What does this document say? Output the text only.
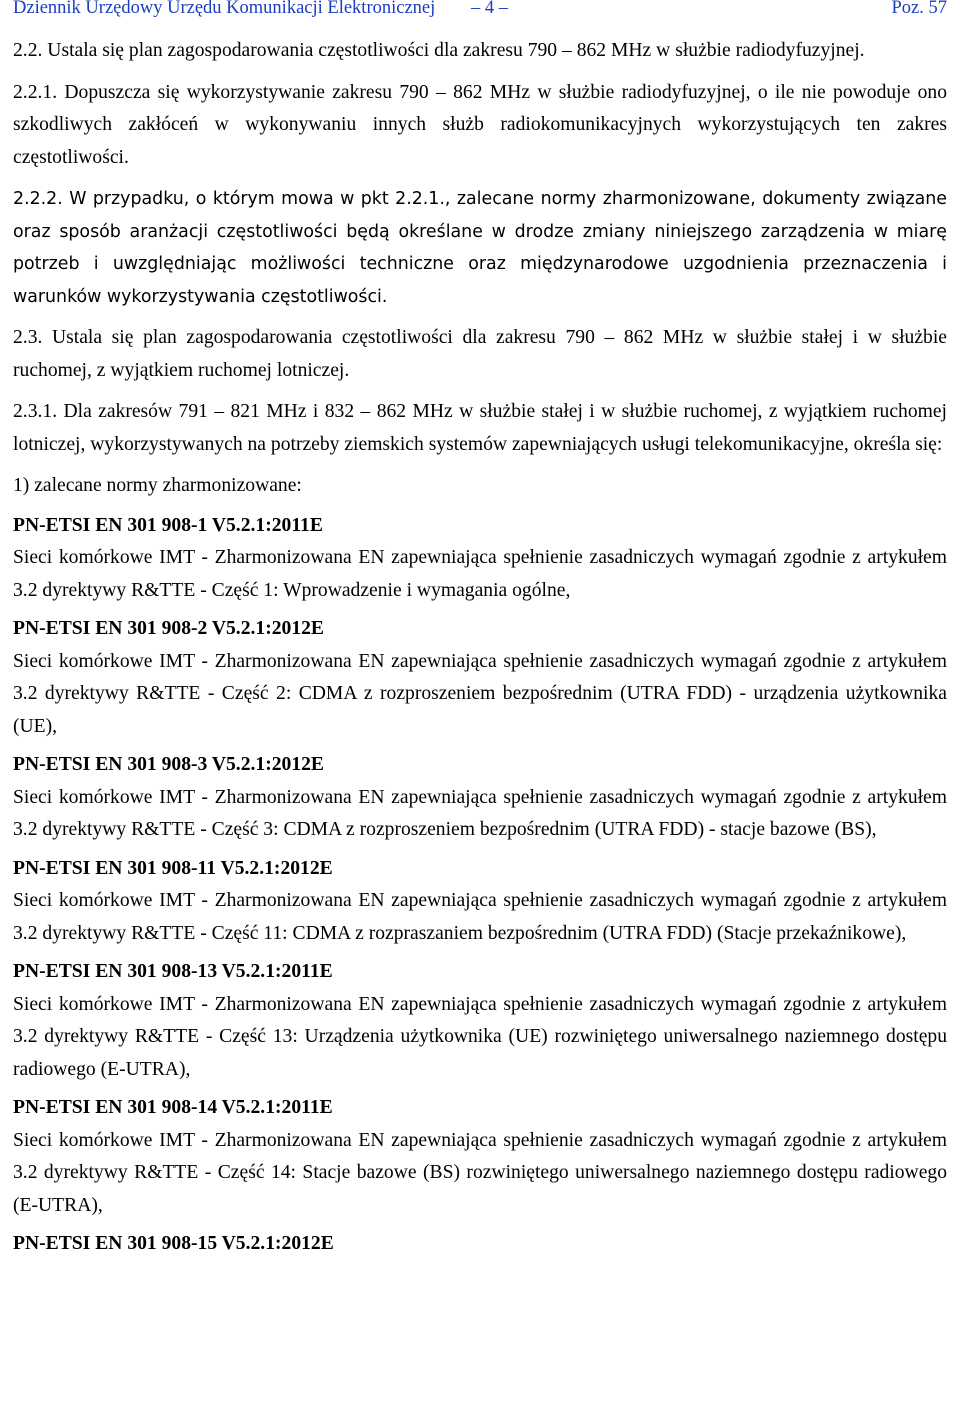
Dziennik Urzędowy Urzędu Komunikacji Elektronicznej – 4 –	Poz. 57

2.2. Ustala się plan zagospodarowania częstotliwości dla zakresu 790 – 862 MHz w służbie radiodyfuzyjnej.

2.2.1. Dopuszcza się wykorzystywanie zakresu 790 – 862 MHz w służbie radiodyfuzyjnej, o ile nie powoduje ono szkodliwych zakłóceń w wykonywaniu innych służb radiokomunikacyjnych wykorzystujących ten zakres częstotliwości.

2.2.2. W przypadku, o którym mowa w pkt 2.2.1., zalecane normy zharmonizowane, dokumenty związane oraz sposób aranżacji częstotliwości będą określane w drodze zmiany niniejszego zarządzenia w miarę potrzeb i uwzględniając możliwości techniczne oraz międzynarodowe uzgodnienia przeznaczenia i warunków wykorzystywania częstotliwości.

2.3. Ustala się plan zagospodarowania częstotliwości dla zakresu 790 – 862 MHz w służbie stałej i w służbie ruchomej, z wyjątkiem ruchomej lotniczej.

2.3.1. Dla zakresów 791 – 821 MHz i 832 – 862 MHz w służbie stałej i w służbie ruchomej, z wyjątkiem ruchomej lotniczej, wykorzystywanych na potrzeby ziemskich systemów zapewniających usługi telekomunikacyjne, określa się:

1) zalecane normy zharmonizowane:

PN-ETSI EN 301 908-1 V5.2.1:2011E

Sieci komórkowe IMT - Zharmonizowana EN zapewniająca spełnienie zasadniczych wymagań zgodnie z artykułem 3.2 dyrektywy R&TTE - Część 1: Wprowadzenie i wymagania ogólne,

PN-ETSI EN 301 908-2 V5.2.1:2012E

Sieci komórkowe IMT - Zharmonizowana EN zapewniająca spełnienie zasadniczych wymagań zgodnie z artykułem 3.2 dyrektywy R&TTE - Część 2: CDMA z rozproszeniem bezpośrednim (UTRA FDD) - urządzenia użytkownika (UE),

PN-ETSI EN 301 908-3 V5.2.1:2012E

Sieci komórkowe IMT - Zharmonizowana EN zapewniająca spełnienie zasadniczych wymagań zgodnie z artykułem 3.2 dyrektywy R&TTE - Część 3: CDMA z rozproszeniem bezpośrednim (UTRA FDD) - stacje bazowe (BS),

PN-ETSI EN 301 908-11 V5.2.1:2012E

Sieci komórkowe IMT - Zharmonizowana EN zapewniająca spełnienie zasadniczych wymagań zgodnie z artykułem 3.2 dyrektywy R&TTE - Część 11: CDMA z rozpraszaniem bezpośrednim (UTRA FDD) (Stacje przekaźnikowe),

PN-ETSI EN 301 908-13 V5.2.1:2011E

Sieci komórkowe IMT - Zharmonizowana EN zapewniająca spełnienie zasadniczych wymagań zgodnie z artykułem 3.2 dyrektywy R&TTE - Część 13: Urządzenia użytkownika (UE) rozwiniętego uniwersalnego naziemnego dostępu radiowego (E-UTRA),

PN-ETSI EN 301 908-14 V5.2.1:2011E

Sieci komórkowe IMT - Zharmonizowana EN zapewniająca spełnienie zasadniczych wymagań zgodnie z artykułem 3.2 dyrektywy R&TTE - Część 14: Stacje bazowe (BS) rozwiniętego uniwersalnego naziemnego dostępu radiowego (E-UTRA),

PN-ETSI EN 301 908-15 V5.2.1:2012E
